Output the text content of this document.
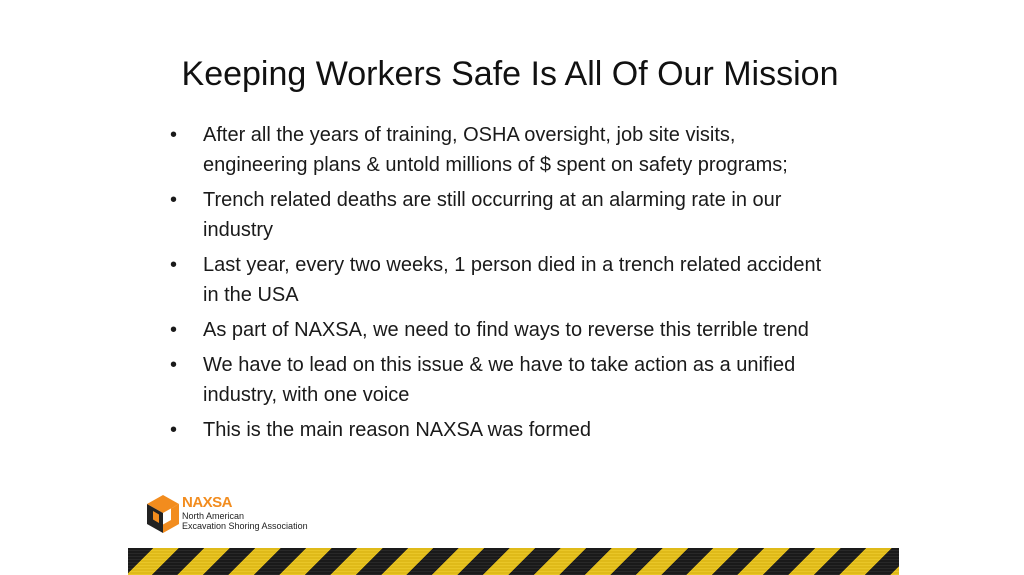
Keeping Workers Safe Is All Of Our Mission
• After all the years of training, OSHA oversight, job site visits, engineering plans & untold millions of $ spent on safety programs;
• Trench related deaths are still occurring at an alarming rate in our industry
• Last year, every two weeks, 1 person died in a trench related accident in the USA
• As part of NAXSA, we need to find ways to reverse this terrible trend
• We have to lead on this issue & we have to take action as a unified industry, with one voice
• This is the main reason NAXSA was formed
NAXSA
North American
Excavation Shoring Association
